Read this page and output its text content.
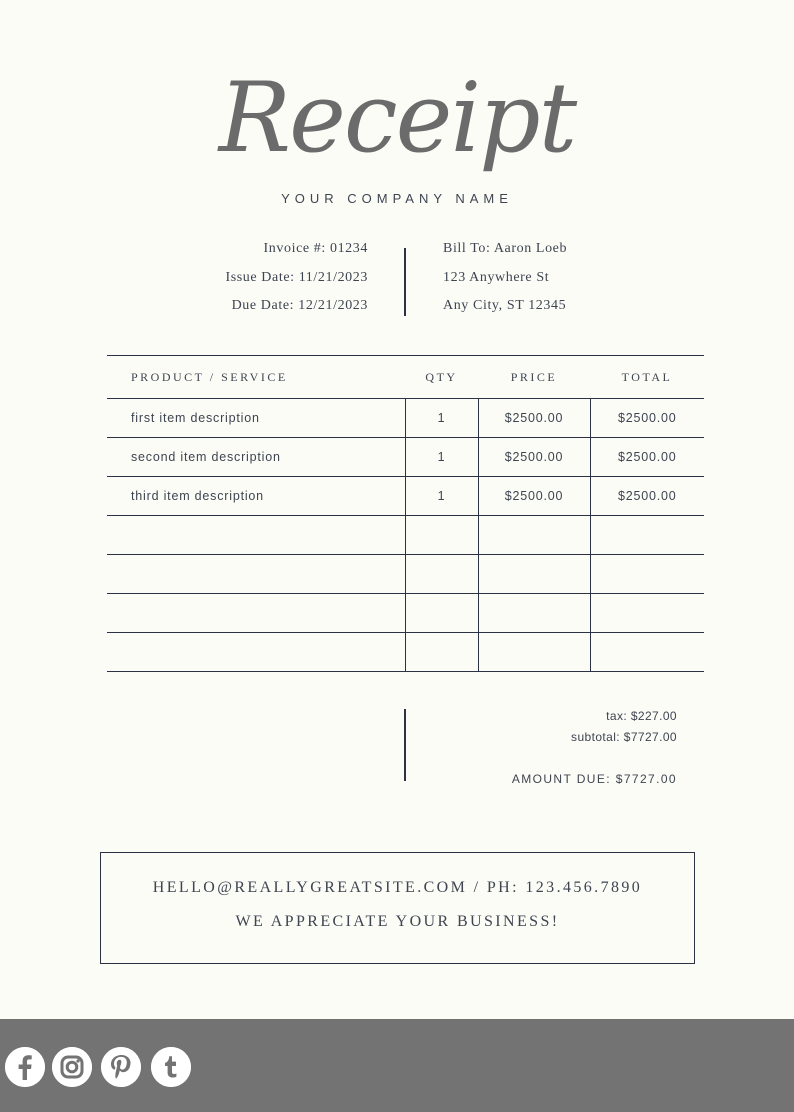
Receipt
YOUR COMPANY NAME
Invoice #: 01234
Issue Date: 11/21/2023
Due Date: 12/21/2023
Bill To: Aaron Loeb
123 Anywhere St
Any City, ST 12345
PRODUCT / SERVICE	QTY	PRICE	TOTAL
first item description	1	$2500.00	$2500.00
second item description	1	$2500.00	$2500.00
third item description	1	$2500.00	$2500.00

tax: $227.00
subtotal: $7727.00
AMOUNT DUE: $7727.00
HELLO@REALLYGREATSITE.COM / PH: 123.456.7890
WE APPRECIATE YOUR BUSINESS!
